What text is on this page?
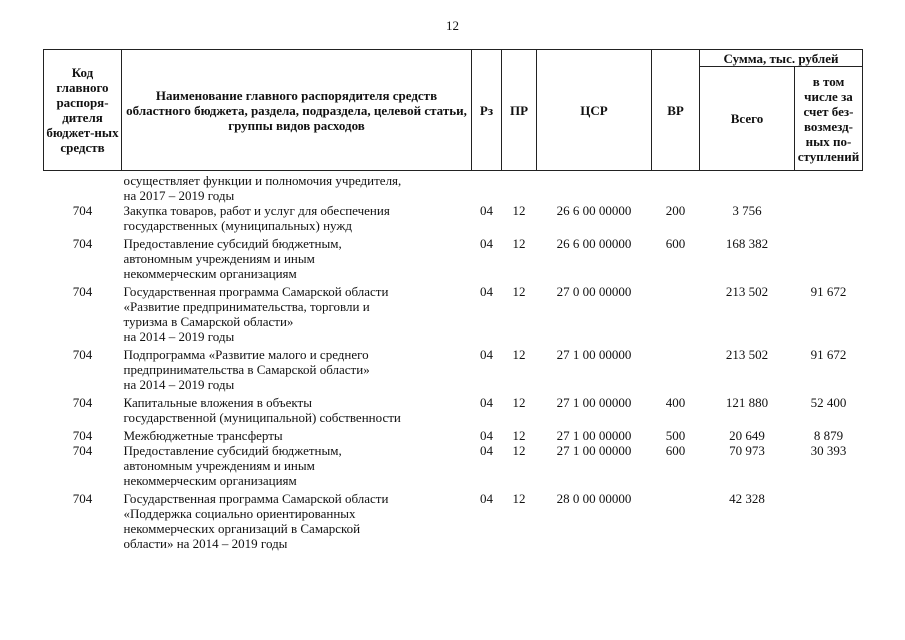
12
Код главного распоря-дителя бюджет-ных средств	Наименование главного распорядителя средств областного бюджета, раздела, подраздела, целевой статьи, группы видов расходов	Рз	ПР	ЦСР	ВР	Сумма, тыс. рублей	
						Всего	в том числе за счет без-возмезд-ных по-ступлений
	осуществляет функции и полномочия учредителя,
на 2017 – 2019 годы						
704	Закупка товаров, работ и услуг для обеспечения
государственных (муниципальных) нужд	04	12	26 6 00 00000	200	3 756	
704	Предоставление субсидий бюджетным,
автономным учреждениям и иным
некоммерческим организациям	04	12	26 6 00 00000	600	168 382	
704	Государственная программа Самарской области
«Развитие предпринимательства, торговли и
туризма в Самарской области»
на 2014 – 2019 годы	04	12	27 0 00 00000		213 502	91 672
704	Подпрограмма «Развитие малого и среднего
предпринимательства в Самарской области»
на 2014 – 2019 годы	04	12	27 1 00 00000		213 502	91 672
704	Капитальные вложения в объекты
государственной (муниципальной) собственности	04	12	27 1 00 00000	400	121 880	52 400
704	Межбюджетные трансферты	04	12	27 1 00 00000	500	20 649	8 879
704	Предоставление субсидий бюджетным,
автономным учреждениям и иным
некоммерческим организациям	04	12	27 1 00 00000	600	70 973	30 393
704	Государственная программа Самарской области
«Поддержка социально ориентированных
некоммерческих организаций в Самарской
области» на 2014 – 2019 годы	04	12	28 0 00 00000		42 328	
